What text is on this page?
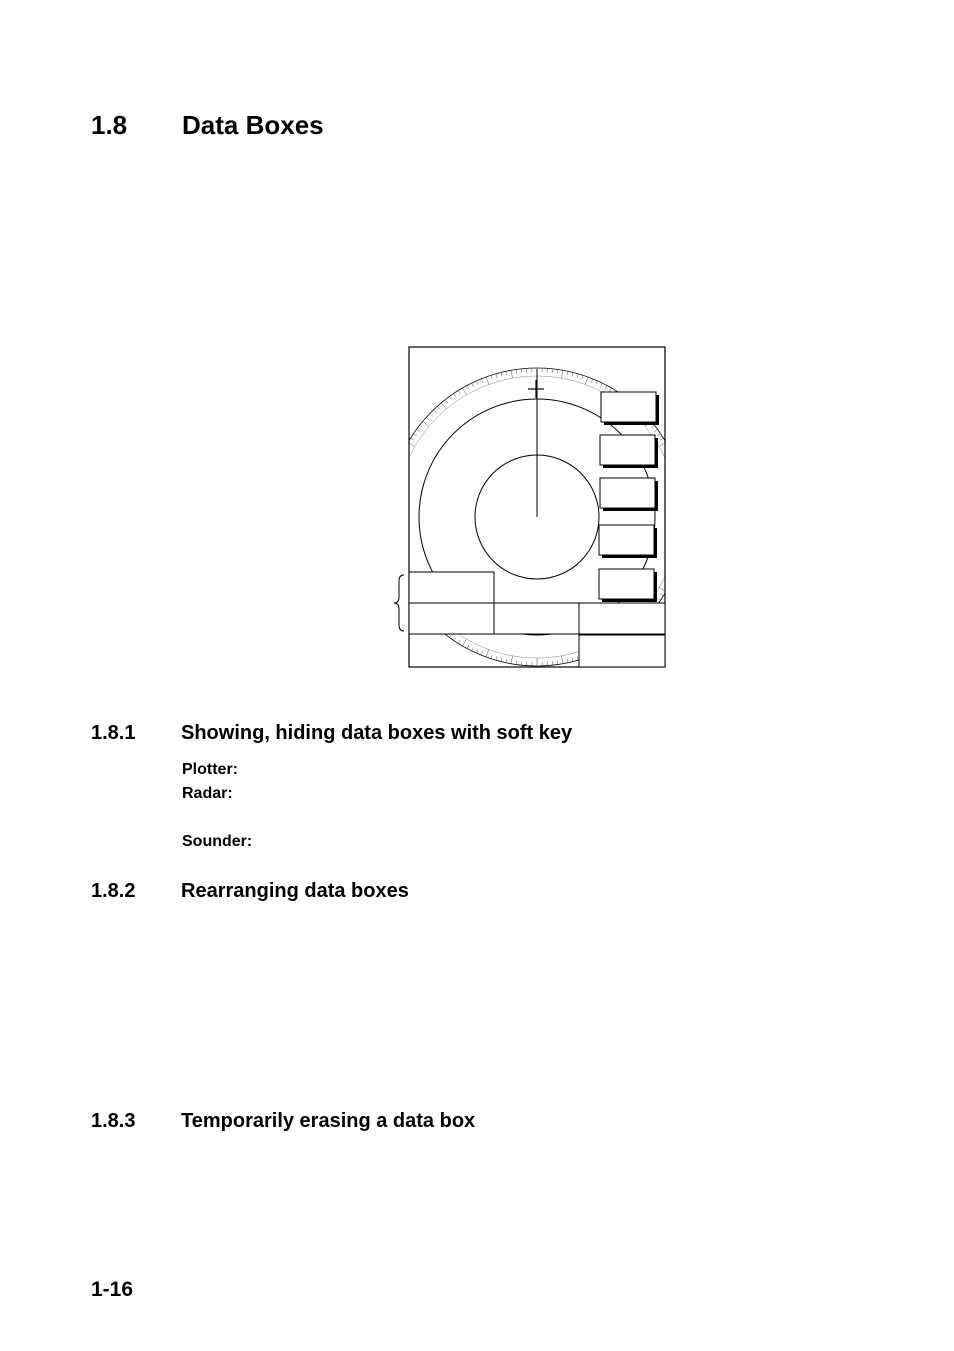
1.8 Data Boxes
1.8.1 Showing, hiding data boxes with soft key
Plotter:
Radar:
Sounder:
1.8.2 Rearranging data boxes
1.8.3 Temporarily erasing a data box
1-16
